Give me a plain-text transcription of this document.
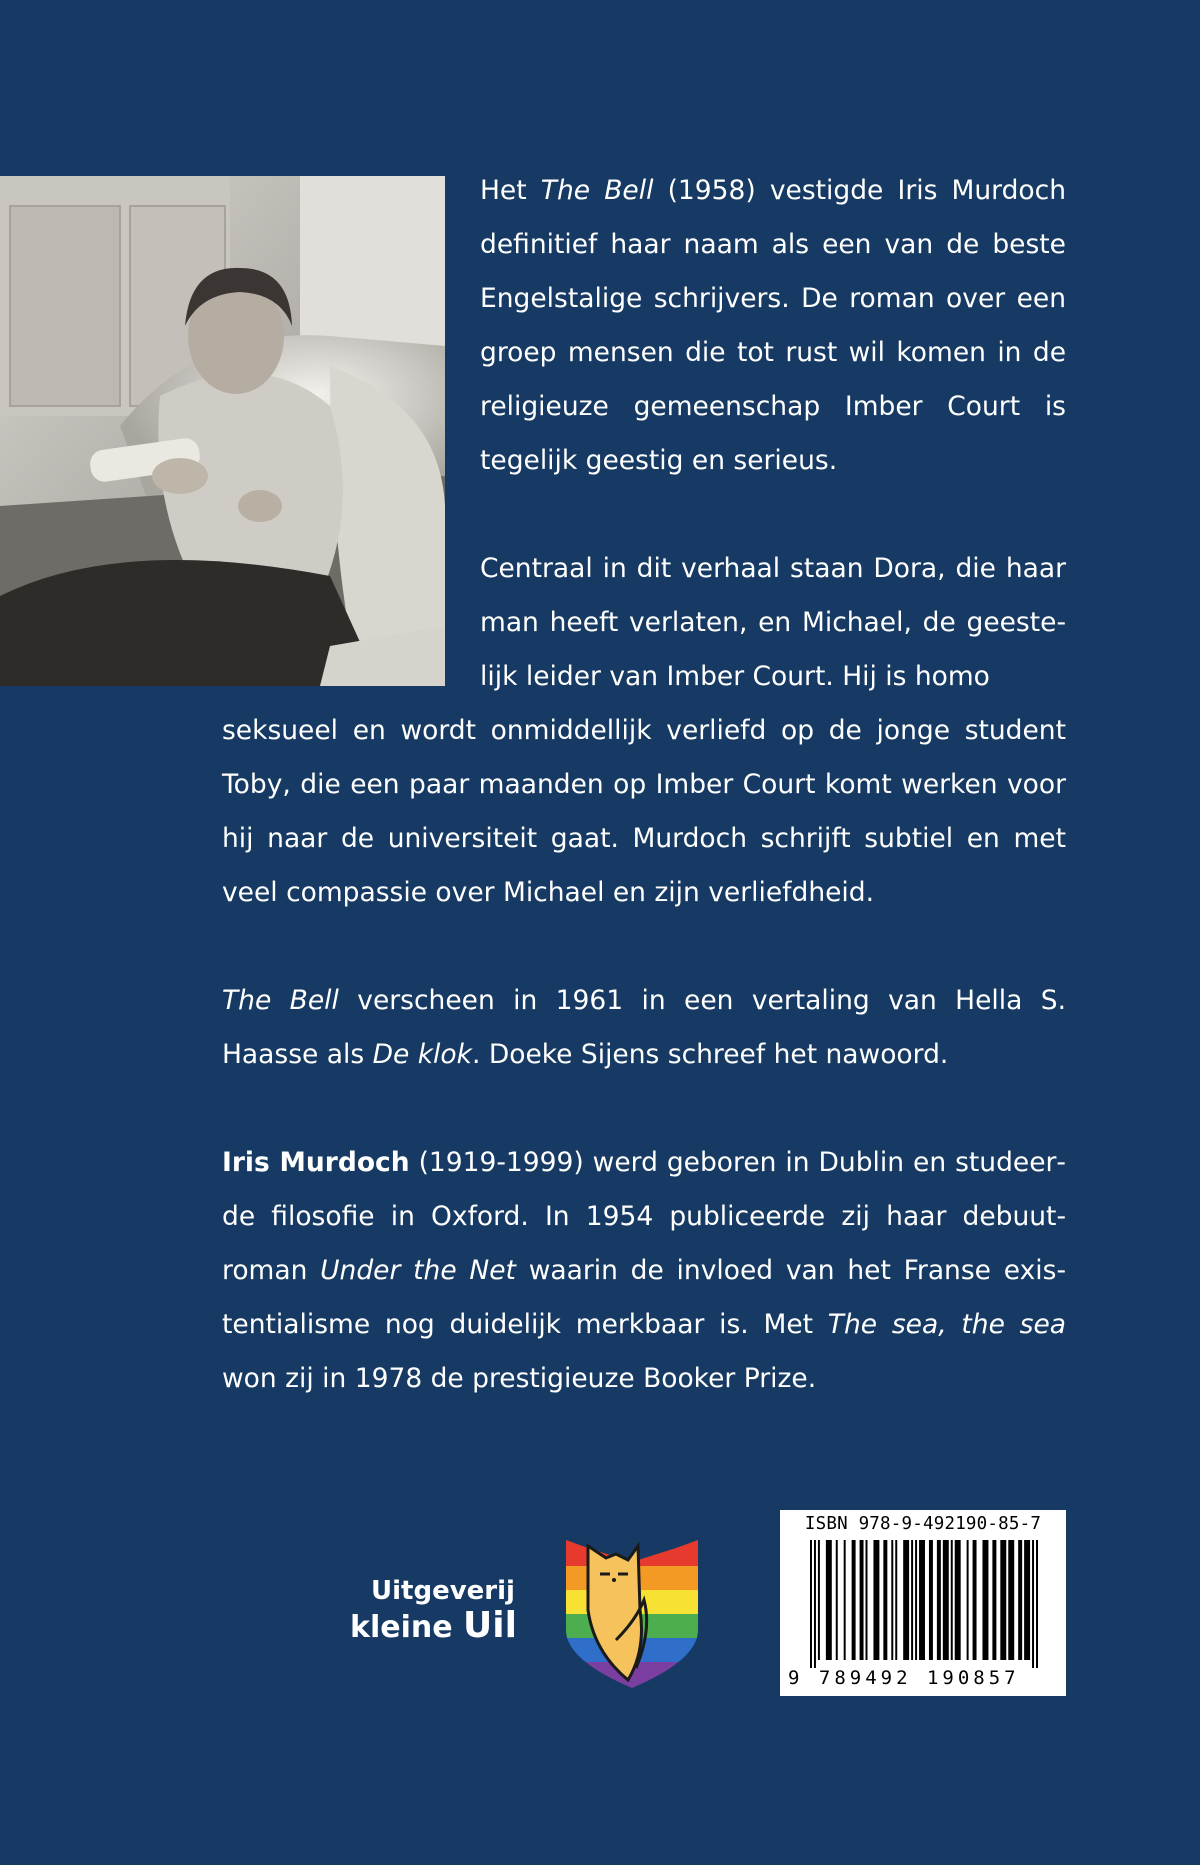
Het The Bell (1958) vestigde Iris Murdoch definitief haar naam als een van de beste Engelstalige schrijvers. De roman over een groep mensen die tot rust wil komen in de religieuze gemeenschap Imber Court is tegelijk geestig en serieus.

Centraal in dit verhaal staan Dora, die haar man heeft verlaten, en Michael, de geestelijk leider van Imber Court. Hij is homo

seksueel en wordt onmiddellijk verliefd op de jonge student Toby, die een paar maanden op Imber Court komt werken voor hij naar de universiteit gaat. Murdoch schrijft subtiel en met veel compassie over Michael en zijn verliefdheid.

The Bell verscheen in 1961 in een vertaling van Hella S. Haasse als De klok. Doeke Sijens schreef het nawoord.

Iris Murdoch (1919-1999) werd geboren in Dublin en studeerde filosofie in Oxford. In 1954 publiceerde zij haar debuutroman Under the Net waarin de invloed van het Franse existentialisme nog duidelijk merkbaar is. Met The sea, the sea won zij in 1978 de prestigieuze Booker Prize.

Uitgeverij
kleine Uil
ISBN 978-9-492190-85-7
9 789492 190857
